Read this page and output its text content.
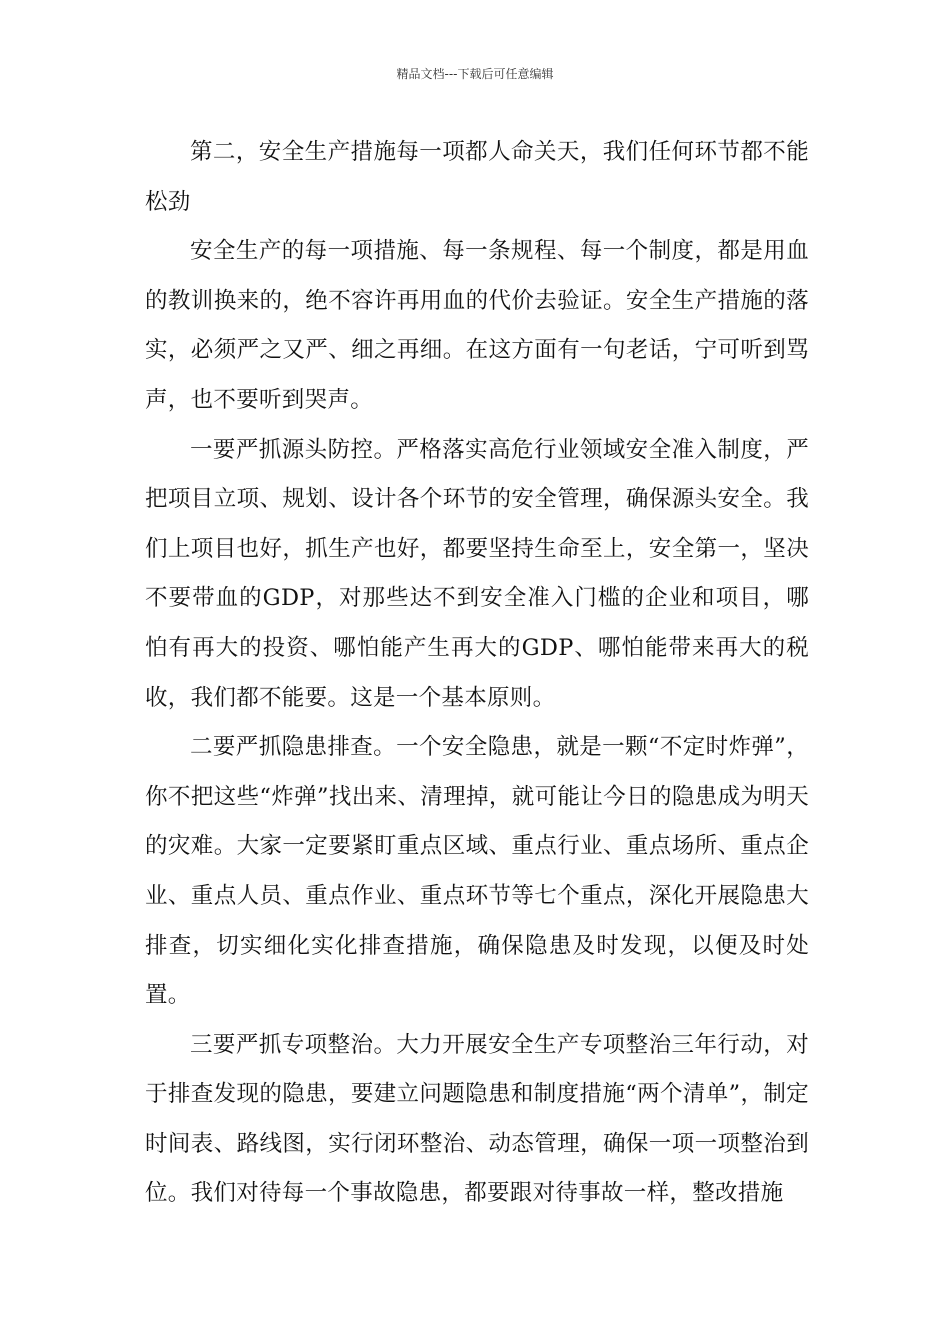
精品文档---下载后可任意编辑

第二，安全生产措施每一项都人命关天，我们任何环节都不能松劲

安全生产的每一项措施、每一条规程、每一个制度，都是用血的教训换来的，绝不容许再用血的代价去验证。安全生产措施的落实，必须严之又严、细之再细。在这方面有一句老话，宁可听到骂声，也不要听到哭声。

一要严抓源头防控。严格落实高危行业领域安全准入制度，严把项目立项、规划、设计各个环节的安全管理，确保源头安全。我们上项目也好，抓生产也好，都要坚持生命至上，安全第一，坚决不要带血的GDP，对那些达不到安全准入门槛的企业和项目，哪怕有再大的投资、哪怕能产生再大的GDP、哪怕能带来再大的税收，我们都不能要。这是一个基本原则。

二要严抓隐患排查。一个安全隐患，就是一颗“不定时炸弹”，你不把这些“炸弹”找出来、清理掉，就可能让今日的隐患成为明天的灾难。大家一定要紧盯重点区域、重点行业、重点场所、重点企业、重点人员、重点作业、重点环节等七个重点，深化开展隐患大排查，切实细化实化排查措施，确保隐患及时发现，以便及时处置。

三要严抓专项整治。大力开展安全生产专项整治三年行动，对于排查发现的隐患，要建立问题隐患和制度措施“两个清单”，制定时间表、路线图，实行闭环整治、动态管理，确保一项一项整治到位。我们对待每一个事故隐患，都要跟对待事故一样，整改措施
